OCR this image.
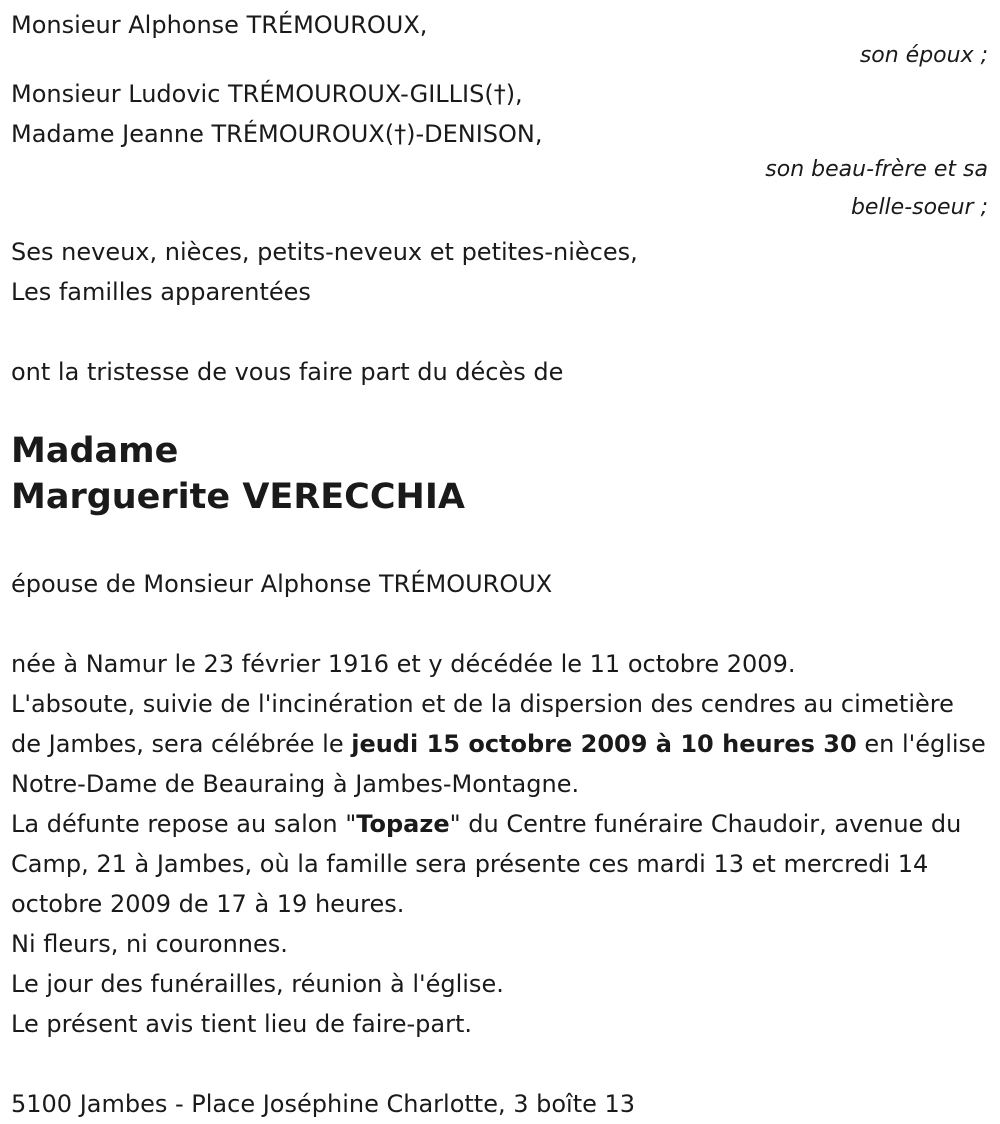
Monsieur Alphonse TRÉMOUROUX,

son époux ;

Monsieur Ludovic TRÉMOUROUX-GILLIS(†),

Madame Jeanne TRÉMOUROUX(†)-DENISON,

son beau-frère et sa

belle-soeur ;

Ses neveux, nièces, petits-neveux et petites-nièces,

Les familles apparentées

ont la tristesse de vous faire part du décès de

Madame

Marguerite VERECCHIA

épouse de Monsieur Alphonse TRÉMOUROUX

née à Namur le 23 février 1916 et y décédée le 11 octobre 2009.

L'absoute, suivie de l'incinération et de la dispersion des cendres au cimetière de Jambes, sera célébrée le jeudi 15 octobre 2009 à 10 heures 30 en l'église Notre-Dame de Beauraing à Jambes-Montagne.

La défunte repose au salon "Topaze" du Centre funéraire Chaudoir, avenue du Camp, 21 à Jambes, où la famille sera présente ces mardi 13 et mercredi 14 octobre 2009 de 17 à 19 heures.

Ni fleurs, ni couronnes.

Le jour des funérailles, réunion à l'église.

Le présent avis tient lieu de faire-part.

5100 Jambes - Place Joséphine Charlotte, 3 boîte 13
